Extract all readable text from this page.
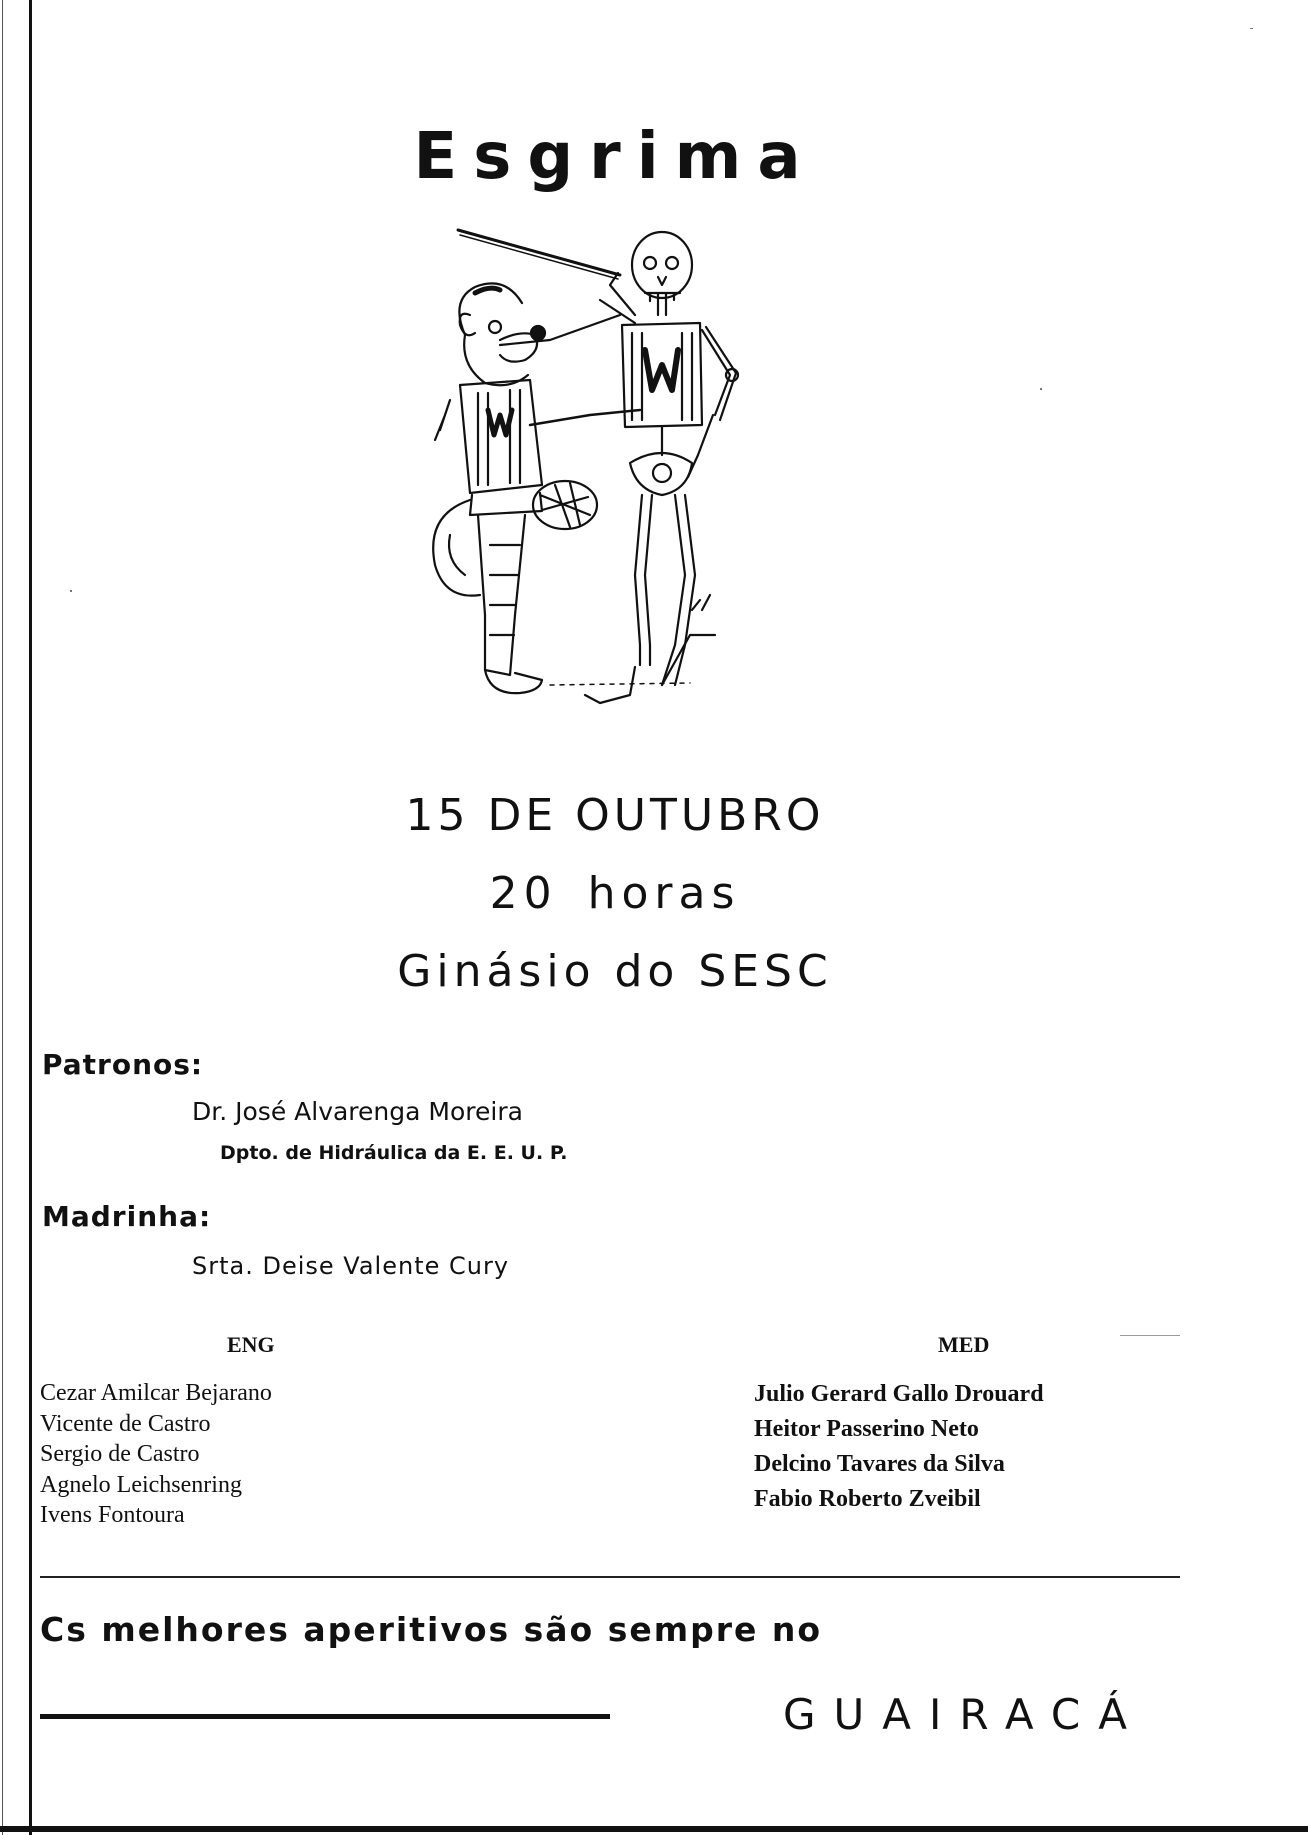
Esgrima
15 DE OUTUBRO
20 horas
Ginásio do SESC
Patronos:
Dr. José Alvarenga Moreira
Dpto. de Hidráulica da E. E. U. P.
Madrinha:
Srta. Deise Valente Cury
ENG
Cezar Amilcar Bejarano
Vicente de Castro
Sergio de Castro
Agnelo Leichsenring
Ivens Fontoura
MED
Julio Gerard Gallo Drouard
Heitor Passerino Neto
Delcino Tavares da Silva
Fabio Roberto Zveibil
Cs melhores aperitivos são sempre no
GUAIRACÁ
